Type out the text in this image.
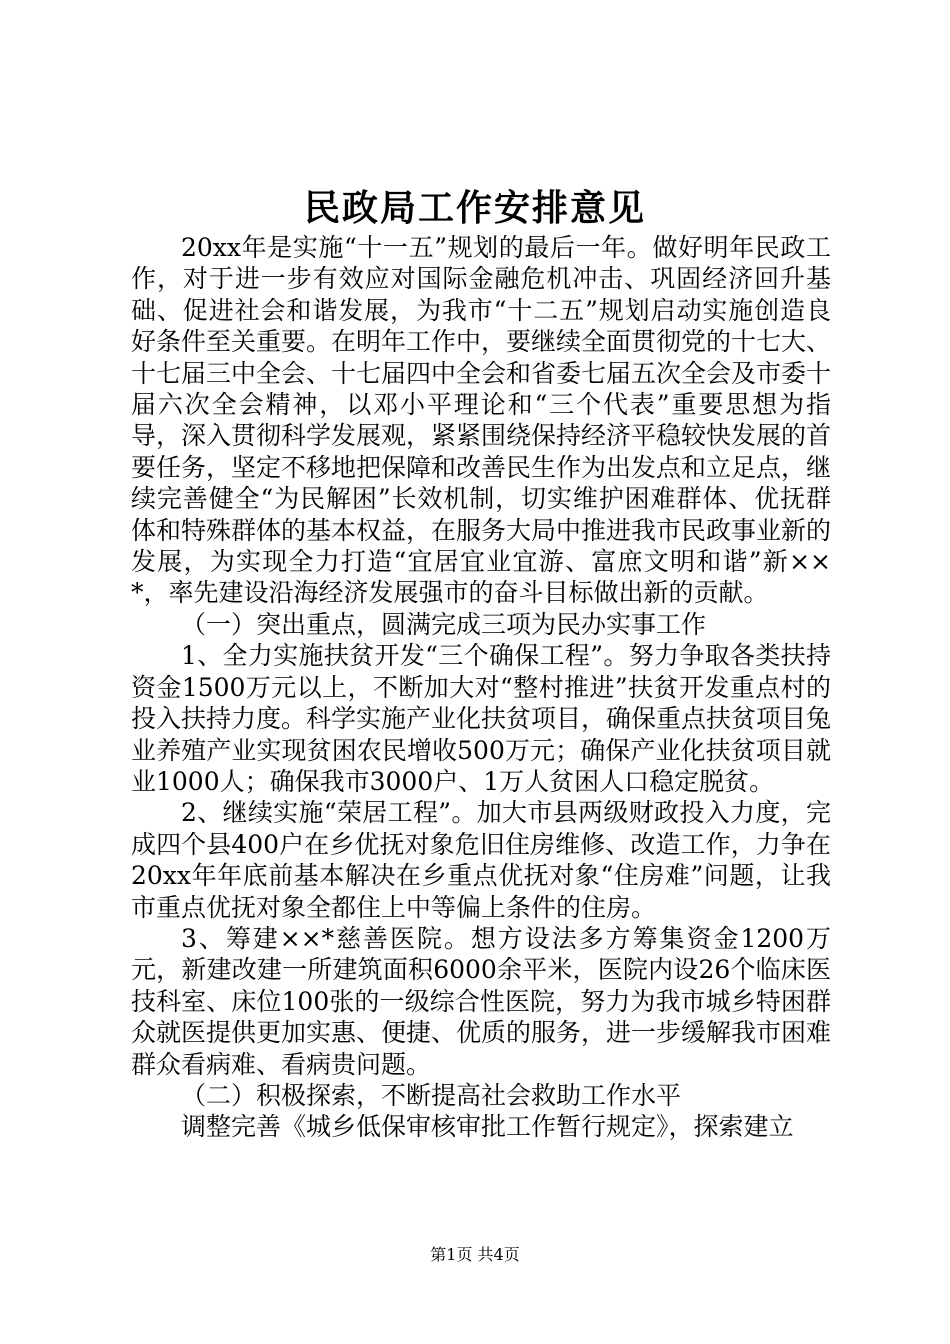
民政局工作安排意见

20xx年是实施“十一五”规划的最后一年。做好明年民政工作，对于进一步有效应对国际金融危机冲击、巩固经济回升基础、促进社会和谐发展，为我市“十二五”规划启动实施创造良好条件至关重要。在明年工作中，要继续全面贯彻党的十七大、十七届三中全会、十七届四中全会和省委七届五次全会及市委十届六次全会精神，以邓小平理论和“三个代表”重要思想为指导，深入贯彻科学发展观，紧紧围绕保持经济平稳较快发展的首要任务，坚定不移地把保障和改善民生作为出发点和立足点，继续完善健全“为民解困”长效机制，切实维护困难群体、优抚群体和特殊群体的基本权益，在服务大局中推进我市民政事业新的发展，为实现全力打造“宜居宜业宜游、富庶文明和谐”新××*，率先建设沿海经济发展强市的奋斗目标做出新的贡献。

（一）突出重点，圆满完成三项为民办实事工作

1、全力实施扶贫开发“三个确保工程”。努力争取各类扶持资金1500万元以上，不断加大对“整村推进”扶贫开发重点村的投入扶持力度。科学实施产业化扶贫项目，确保重点扶贫项目兔业养殖产业实现贫困农民增收500万元；确保产业化扶贫项目就业1000人；确保我市3000户、1万人贫困人口稳定脱贫。

2、继续实施“荣居工程”。加大市县两级财政投入力度，完成四个县400户在乡优抚对象危旧住房维修、改造工作，力争在20xx年年底前基本解决在乡重点优抚对象“住房难”问题，让我市重点优抚对象全都住上中等偏上条件的住房。

3、筹建××*慈善医院。想方设法多方筹集资金1200万元，新建改建一所建筑面积6000余平米，医院内设26个临床医技科室、床位100张的一级综合性医院，努力为我市城乡特困群众就医提供更加实惠、便捷、优质的服务，进一步缓解我市困难群众看病难、看病贵问题。

（二）积极探索，不断提高社会救助工作水平

调整完善《城乡低保审核审批工作暂行规定》，探索建立

第1页 共4页
